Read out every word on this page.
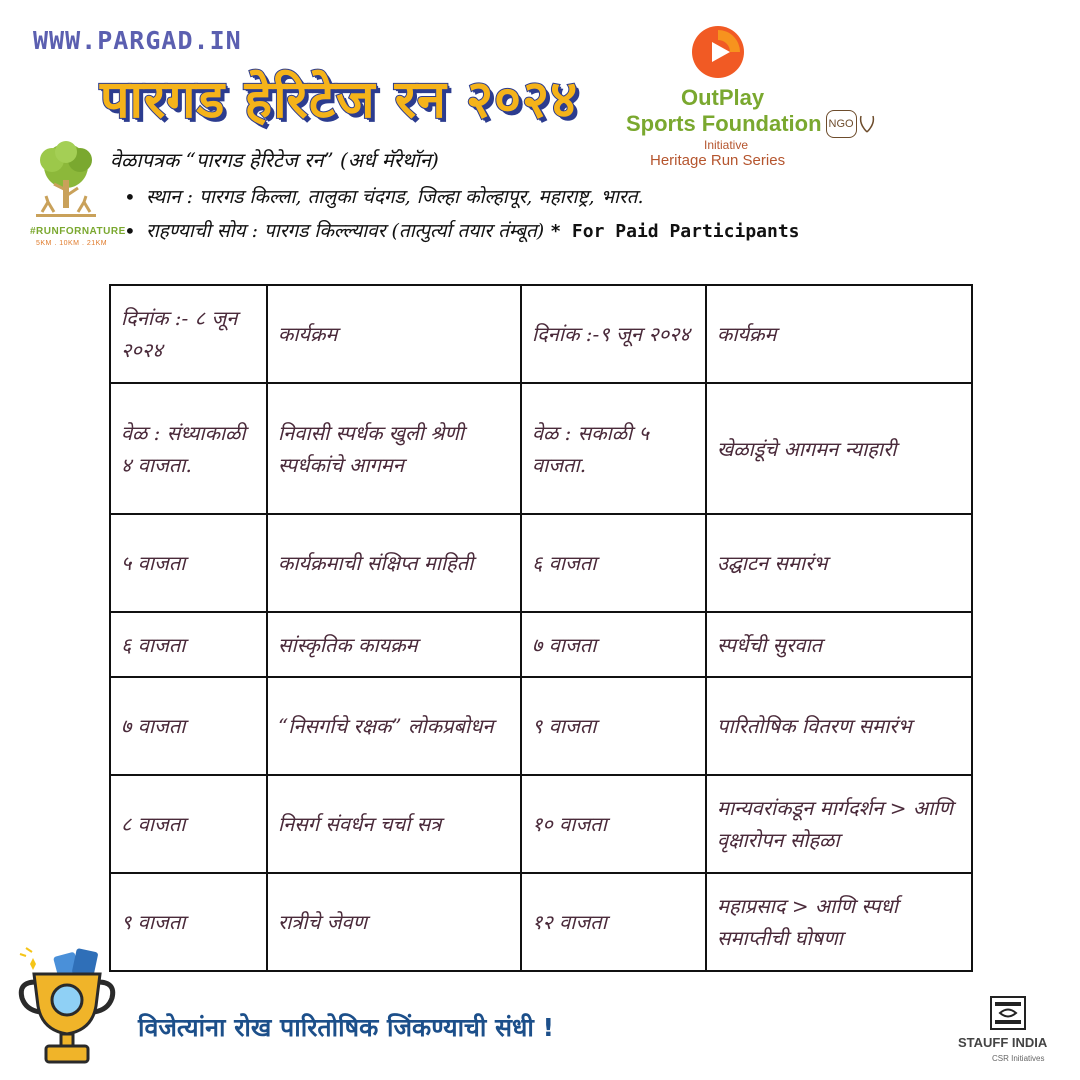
WWW.PARGAD.IN
पारगड हेरिटेज रन २०२४	OutPlay
Sports Foundation NGO
Initiative
Heritage Run Series
#RUNFORNATURE
5KM . 10KM . 21KM
वेळापत्रक “पारगड हेरिटेज रन” (अर्ध मॅरेथॉन)
• स्थान : पारगड किल्ला, तालुका चंदगड, जिल्हा कोल्हापूर, महाराष्ट्र, भारत.
• राहण्याची सोय : पारगड किल्ल्यावर (तात्पुर्त्या तयार तंम्बूत) * For Paid Participants
दिनांक :- ८ जून २०२४	कार्यक्रम	दिनांक :-९ जून २०२४	कार्यक्रम
वेळ : संध्याकाळी ४ वाजता.	निवासी स्पर्धक खुली श्रेणी स्पर्धकांचे आगमन	वेळ : सकाळी ५ वाजता.	खेळाडूंचे आगमन न्याहारी
५ वाजता	कार्यक्रमाची संक्षिप्त माहिती	६ वाजता	उद्घाटन समारंभ
६ वाजता	सांस्कृतिक कायक्रम	७ वाजता	स्पर्धेची सुरवात
७ वाजता	“निसर्गाचे रक्षक” लोकप्रबोधन	९ वाजता	पारितोषिक वितरण समारंभ
८ वाजता	निसर्ग संवर्धन चर्चा सत्र	१० वाजता	मान्यवरांकडून मार्गदर्शन > आणि वृक्षारोपन सोहळा
९ वाजता	रात्रीचे जेवण	१२ वाजता	महाप्रसाद > आणि स्पर्धा समाप्तीची घोषणा
विजेत्यांना रोख पारितोषिक जिंकण्याची संधी !
STAUFF INDIA
CSR Initiatives
